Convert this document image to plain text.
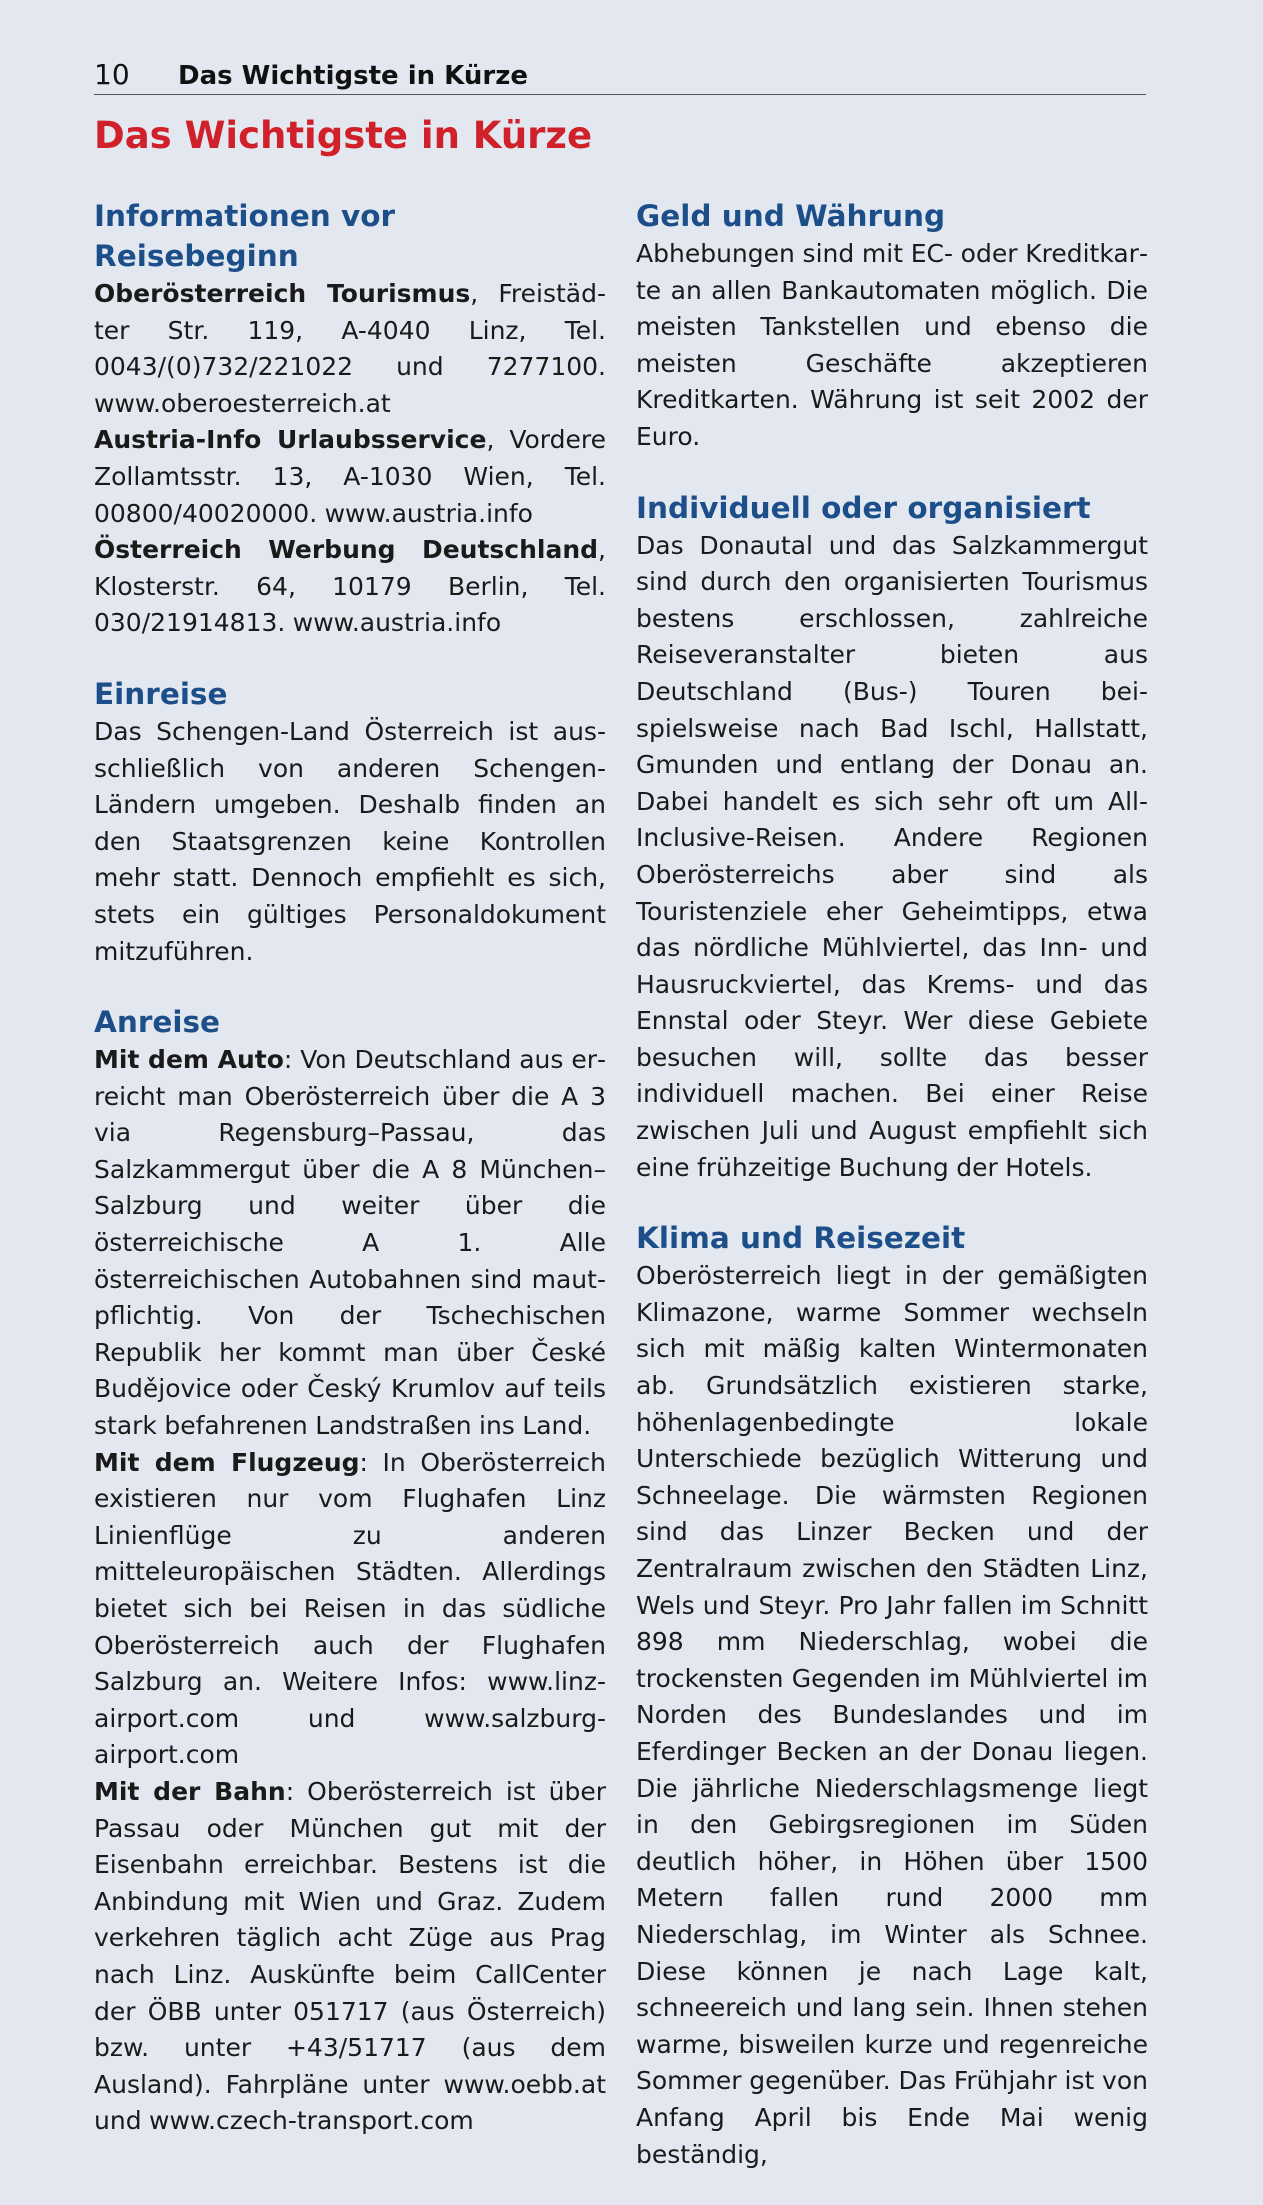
10	Das Wichtigste in Kürze
Das Wichtigste in Kürze
Informationen vor Reisebeginn

Oberösterreich Tourismus, Freistädter Str. 119, A-4040 Linz, Tel. 0043/(0)732/221022 und 7277100. www.oberoesterreich.at
Austria-Info Urlaubsservice, Vordere Zollamtsstr. 13, A-1030 Wien, Tel. 00800/40020000. www.austria.info
Österreich Werbung Deutschland, Klosterstr. 64, 10179 Berlin, Tel. 030/21914813. www.austria.info

Einreise

Das Schengen-Land Österreich ist ausschließlich von anderen Schengen-Ländern umgeben. Deshalb finden an den Staatsgrenzen keine Kontrollen mehr statt. Dennoch empfiehlt es sich, stets ein gültiges Personaldokument mitzuführen.

Anreise

Mit dem Auto: Von Deutschland aus erreicht man Oberösterreich über die A 3 via Regensburg–Passau, das Salzkammergut über die A 8 München–Salzburg und weiter über die österreichische A 1. Alle österreichischen Autobahnen sind mautpflichtig. Von der Tschechischen Republik her kommt man über České Budějovice oder Český Krumlov auf teils stark befahrenen Landstraßen ins Land.
Mit dem Flugzeug: In Oberösterreich existieren nur vom Flughafen Linz Linienflüge zu anderen mitteleuropäischen Städten. Allerdings bietet sich bei Reisen in das südliche Oberösterreich auch der Flughafen Salzburg an. Weitere Infos: www.linz-airport.com und www.salzburg-airport.com
Mit der Bahn: Oberösterreich ist über Passau oder München gut mit der Eisenbahn erreichbar. Bestens ist die Anbindung mit Wien und Graz. Zudem verkehren täglich acht Züge aus Prag nach Linz. Auskünfte beim CallCenter der ÖBB unter 051717 (aus Österreich) bzw. unter +43/51717 (aus dem Ausland). Fahrpläne unter www.oebb.at und www.czech-transport.com

Geld und Währung

Abhebungen sind mit EC- oder Kreditkarte an allen Bankautomaten möglich. Die meisten Tankstellen und ebenso die meisten Geschäfte akzeptieren Kreditkarten. Währung ist seit 2002 der Euro.

Individuell oder organisiert

Das Donautal und das Salzkammergut sind durch den organisierten Tourismus bestens erschlossen, zahlreiche Reiseveranstalter bieten aus Deutschland (Bus-) Touren beispielsweise nach Bad Ischl, Hallstatt, Gmunden und entlang der Donau an. Dabei handelt es sich sehr oft um All-Inclusive-Reisen. Andere Regionen Oberösterreichs aber sind als Touristenziele eher Geheimtipps, etwa das nördliche Mühlviertel, das Inn- und Hausruckviertel, das Krems- und das Ennstal oder Steyr. Wer diese Gebiete besuchen will, sollte das besser individuell machen. Bei einer Reise zwischen Juli und August empfiehlt sich eine frühzeitige Buchung der Hotels.

Klima und Reisezeit

Oberösterreich liegt in der gemäßigten Klimazone, warme Sommer wechseln sich mit mäßig kalten Wintermonaten ab. Grundsätzlich existieren starke, höhenlagenbedingte lokale Unterschiede bezüglich Witterung und Schneelage. Die wärmsten Regionen sind das Linzer Becken und der Zentralraum zwischen den Städten Linz, Wels und Steyr. Pro Jahr fallen im Schnitt 898 mm Niederschlag, wobei die trockensten Gegenden im Mühlviertel im Norden des Bundeslandes und im Eferdinger Becken an der Donau liegen. Die jährliche Niederschlagsmenge liegt in den Gebirgsregionen im Süden deutlich höher, in Höhen über 1500 Metern fallen rund 2000 mm Niederschlag, im Winter als Schnee. Diese können je nach Lage kalt, schneereich und lang sein. Ihnen stehen warme, bisweilen kurze und regenreiche Sommer gegenüber. Das Frühjahr ist von Anfang April bis Ende Mai wenig beständig,
